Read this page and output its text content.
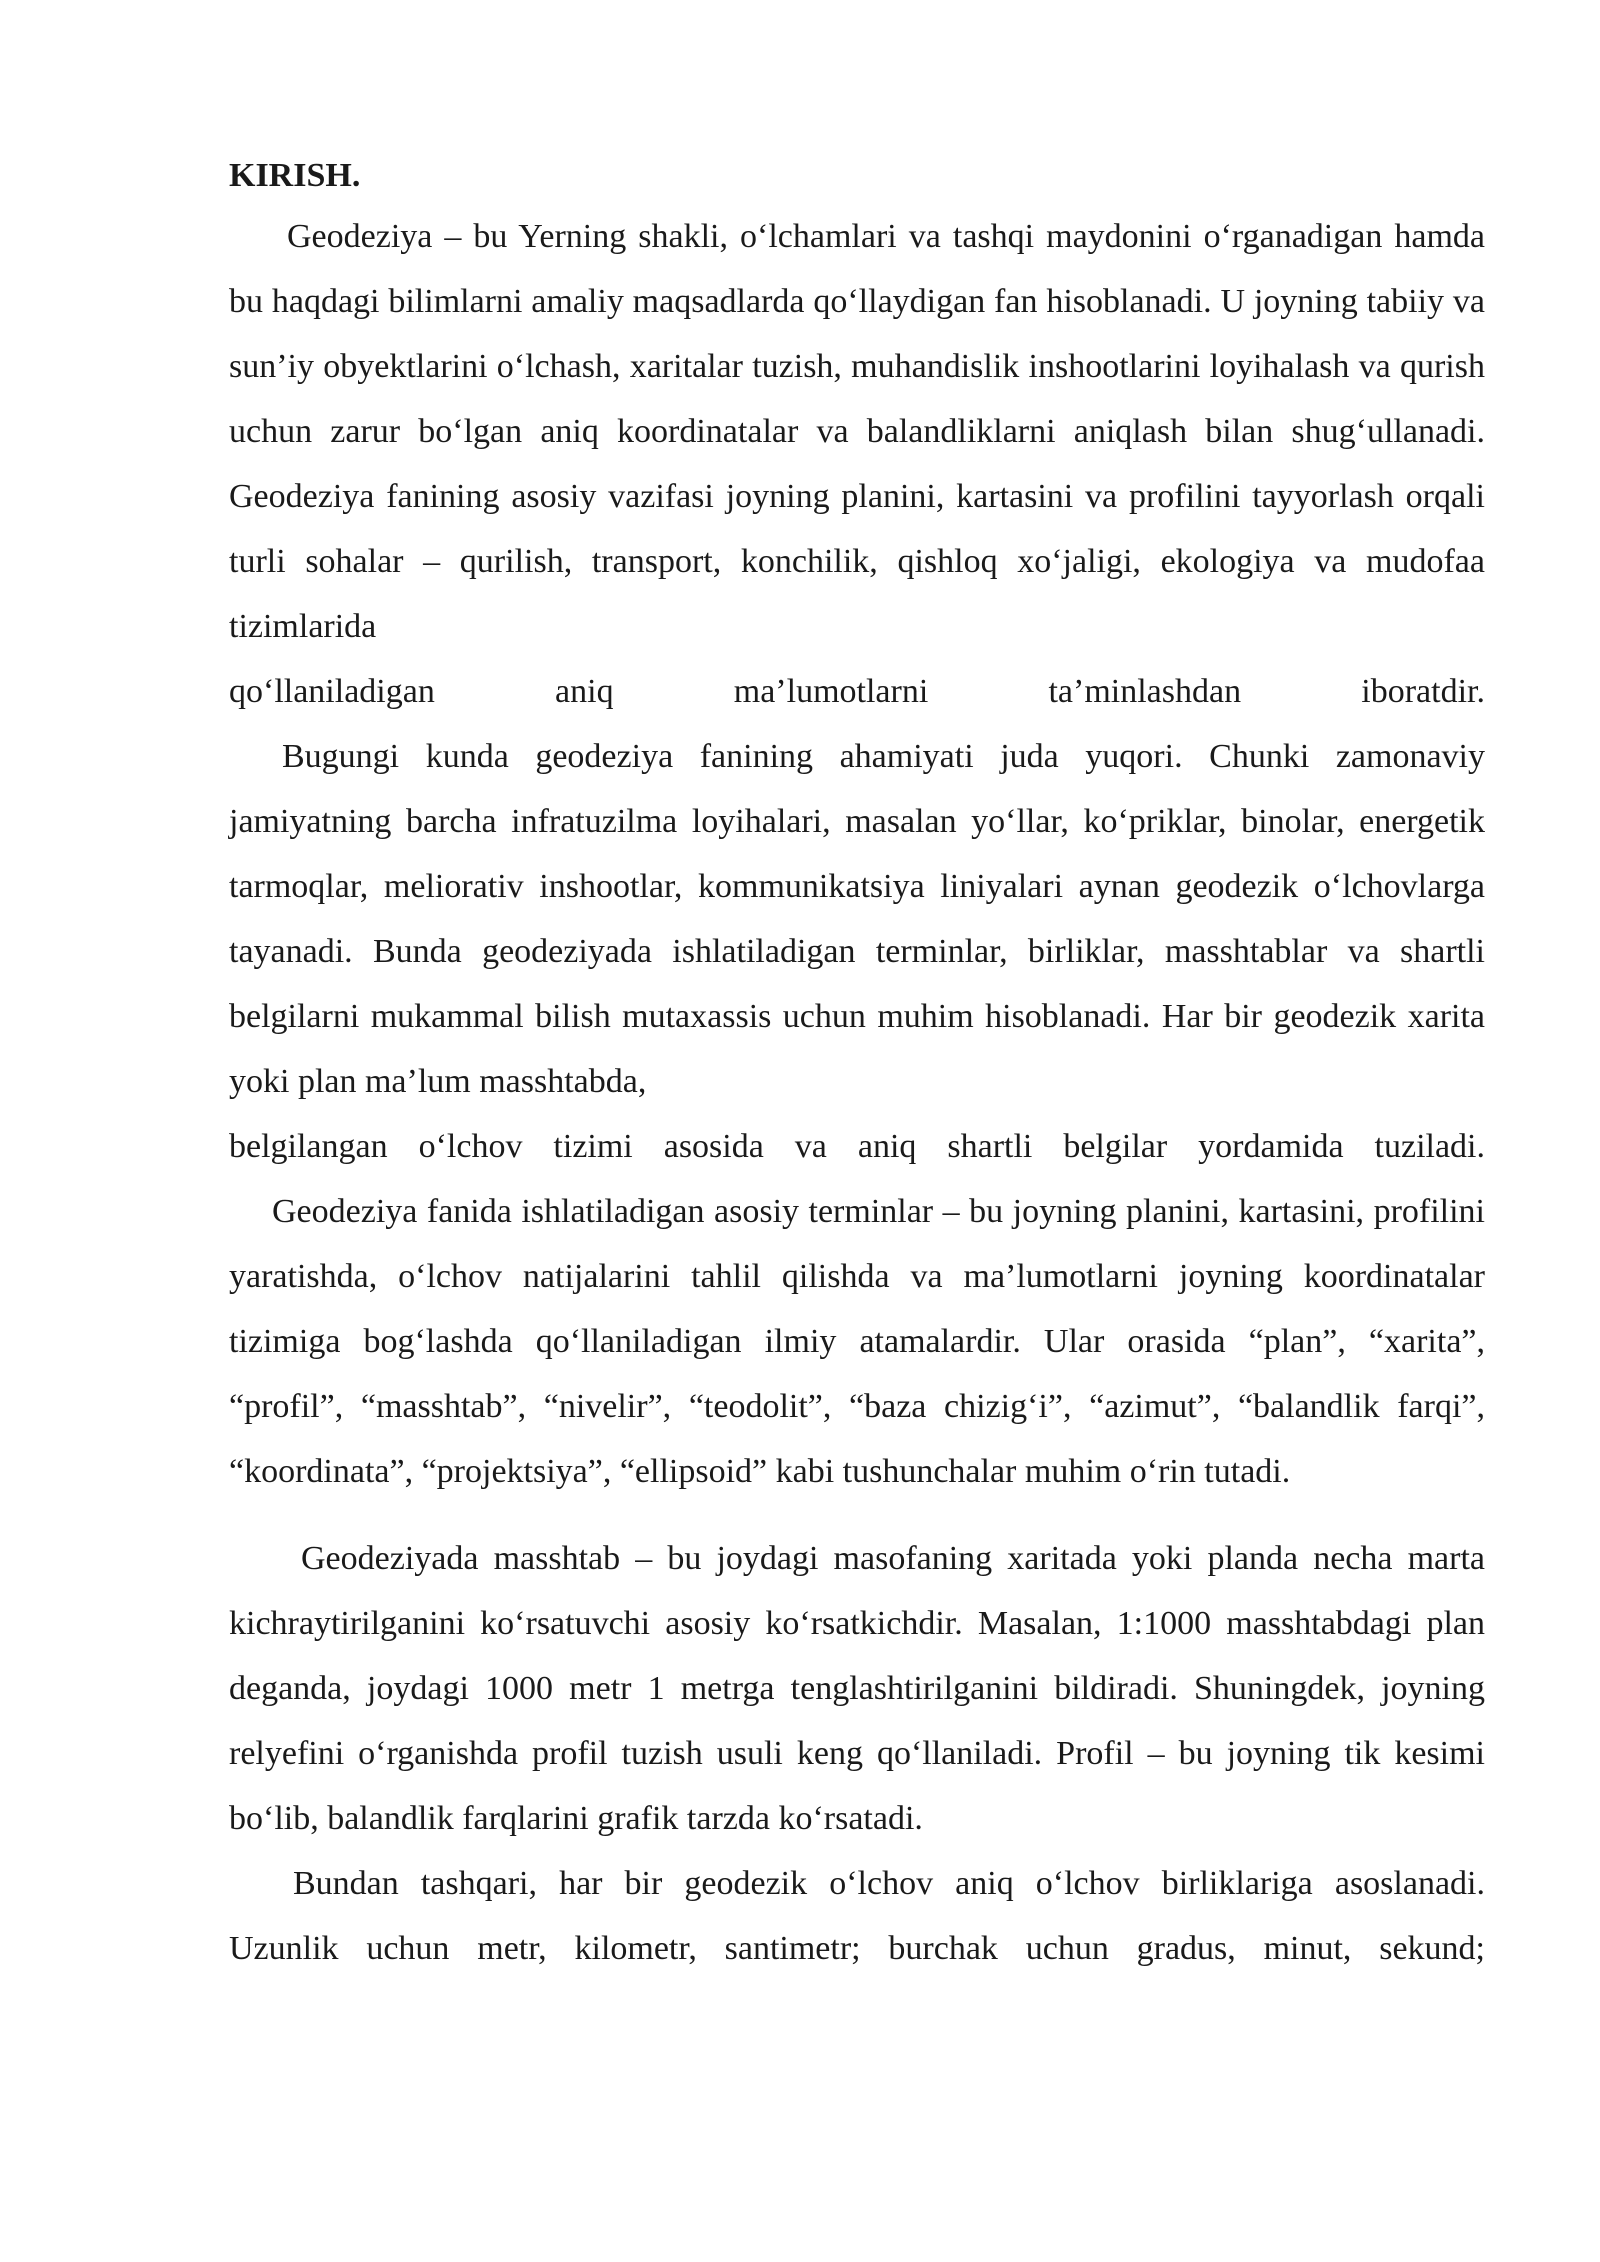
KIRISH.

Geodeziya – bu Yerning shakli, o‘lchamlari va tashqi maydonini o‘rganadigan hamda bu haqdagi bilimlarni amaliy maqsadlarda qo‘llaydigan fan hisoblanadi. U joyning tabiiy va sun’iy obyektlarini o‘lchash, xaritalar tuzish, muhandislik inshootlarini loyihalash va qurish uchun zarur bo‘lgan aniq koordinatalar va balandliklarni aniqlash bilan shug‘ullanadi. Geodeziya fanining asosiy vazifasi joyning planini, kartasini va profilini tayyorlash orqali turli sohalar – qurilish, transport, konchilik, qishloq xo‘jaligi, ekologiya va mudofaa tizimlarida
qo‘llaniladigan aniq ma’lumotlarni ta’minlashdan iboratdir.

Bugungi kunda geodeziya fanining ahamiyati juda yuqori. Chunki zamonaviy jamiyatning barcha infratuzilma loyihalari, masalan yo‘llar, ko‘priklar, binolar, energetik tarmoqlar, meliorativ inshootlar, kommunikatsiya liniyalari aynan geodezik o‘lchovlarga tayanadi. Bunda geodeziyada ishlatiladigan terminlar, birliklar, masshtablar va shartli belgilarni mukammal bilish mutaxassis uchun muhim hisoblanadi. Har bir geodezik xarita yoki plan ma’lum masshtabda,
belgilangan o‘lchov tizimi asosida va aniq shartli belgilar yordamida tuziladi.

Geodeziya fanida ishlatiladigan asosiy terminlar – bu joyning planini, kartasini, profilini yaratishda, o‘lchov natijalarini tahlil qilishda va ma’lumotlarni joyning koordinatalar tizimiga bog‘lashda qo‘llaniladigan ilmiy atamalardir. Ular orasida “plan”, “xarita”, “profil”, “masshtab”, “nivelir”, “teodolit”, “baza chizig‘i”, “azimut”, “balandlik farqi”, “koordinata”, “projektsiya”, “ellipsoid” kabi tushunchalar muhim o‘rin tutadi.

Geodeziyada masshtab – bu joydagi masofaning xaritada yoki planda necha marta kichraytirilganini ko‘rsatuvchi asosiy ko‘rsatkichdir. Masalan, 1:1000 masshtabdagi plan deganda, joydagi 1000 metr 1 metrga tenglashtirilganini bildiradi. Shuningdek, joyning relyefini o‘rganishda profil tuzish usuli keng qo‘llaniladi. Profil – bu joyning tik kesimi bo‘lib, balandlik farqlarini grafik tarzda ko‘rsatadi.

Bundan tashqari, har bir geodezik o‘lchov aniq o‘lchov birliklariga asoslanadi.
Uzunlik uchun metr, kilometr, santimetr; burchak uchun gradus, minut, sekund;
